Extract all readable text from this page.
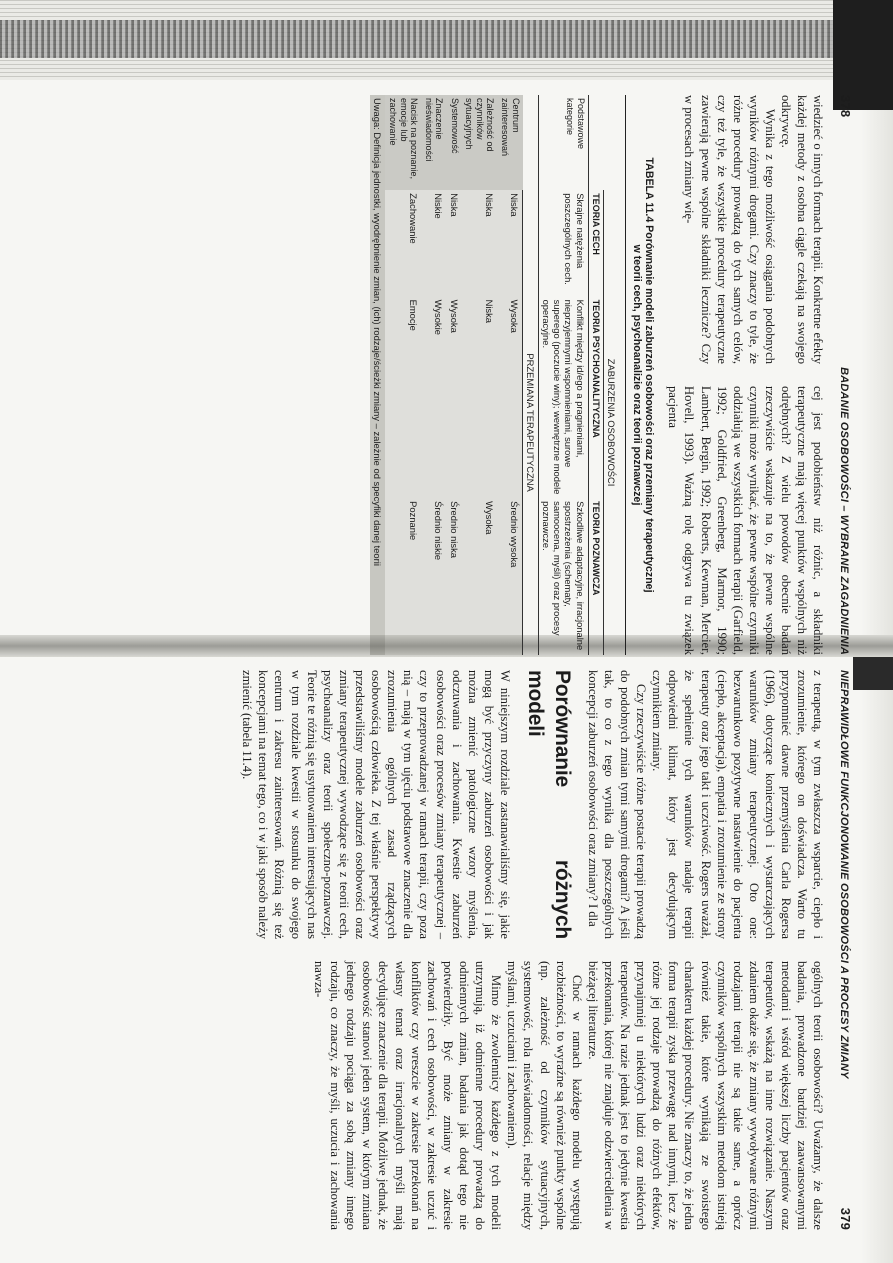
378
BADANIE OSOBOWOŚCI – WYBRANE ZAGADNIENIA

wiedzieć o innych formach terapii. Konkretne efekty każdej metody z osobna ciągle czekają na swojego odkrywcę.

Wynika z tego możliwość osiągania podobnych wyników różnymi drogami. Czy znaczy to tyle, że różne procedury prowadzą do tych samych celów, czy też tyle, że wszystkie procedury terapeutyczne zawierają pewne wspólne składniki lecznicze? Czy w procesach zmiany wię-

cej jest podobieństw niż różnic, a składniki terapeutyczne mają więcej punktów wspólnych niż odrębnych? Z wielu powodów obecnie badań rzeczywiście wskazuje na to, że pewne wspólne czynniki może wynikać, że pewne wspólne czynniki oddziałują we wszystkich formach terapii (Garfield, 1992; Goldfried, Greenberg, Marmor, 1990; Lambert, Bergin, 1992; Roberts, Kewman, Mercier, Hovell, 1993). Ważną rolę odgrywa tu związek pacjenta

TABELA 11.4 Porównanie modeli zaburzeń osobowości oraz przemiany terapeutycznej
w teorii cech, psychoanalizie oraz teorii poznawczej
	ZABURZENIA OSOBOWOŚCI		
	TEORIA CECH	TEORIA PSYCHOANALITYCZNA	TEORIA POZNAWCZA
Podstawowe kategorie	Skrajne natężenia poszczególnych cech.	Konflikt między id/ego a pragnieniami, nieprzyjemnymi wspomnieniami, surowe superego (poczucie winy); wewnętrzne modele operacyjne.	Szkodliwe adaptacyjne, irracjonalne spostrzeżenia (schematy, samoocena, myśli) oraz procesy poznawcze.
	PRZEMIANA TERAPEUTYCZNA		
Centrum zainteresowań	Niska	Wysoka	Średnio wysoka
Zależność od czynników sytuacyjnych	Niska	Niska	Wysoka
Systemowość	Niska	Wysoka	Średnio niska
Znaczenie nieświadomości	Niskie	Wysokie	Średnio niskie
Nacisk na poznanie, emocje lub zachowanie	Zachowanie	Emocje	Poznanie
Uwaga: Definicja jednostki, wyodrębnienie zmian, (ich) rodzaje/ścieżki zmiany – zależnie od specyfiki danej teorii			
NIEPRAWIDŁOWE FUNKCJONOWANIE OSOBOWOŚCI A PROCESY ZMIANY
379

z terapeutą, w tym zwłaszcza wsparcie, ciepło i zrozumienie, którego on doświadcza. Warto tu przypomnieć dawne przemyślenia Carla Rogersa (1966), dotyczące koniecznych i wystarczających warunków zmiany terapeutycznej. Oto one: bezwarunkowo pozytywne nastawienie do pacjenta (ciepło, akceptacja), empatia i zrozumienie ze strony terapeuty oraz jego takt i uczciwość. Rogers uważał, że spełnienie tych warunków nadaje terapii odpowiedni klimat, który jest decydującym czynnikiem zmiany.

Czy rzeczywiście różne postacie terapii prowadzą do podobnych zmian tymi samymi drogami? A jeśli tak, to co z tego wynika dla poszczególnych koncepcji zaburzeń osobowości oraz zmiany? I dla

Porównanie różnych modeli

W niniejszym rozdziale zastanawialiśmy się, jakie mogą być przyczyny zaburzeń osobowości i jak można zmienić patologiczne wzory myślenia, odczuwania i zachowania. Kwestie zaburzeń osobowości oraz procesów zmiany terapeutycznej – czy to przeprowadzanej w ramach terapii, czy poza nią – mają w tym ujęciu podstawowe znaczenie dla zrozumienia ogólnych zasad rządzących osobowością człowieka. Z tej właśnie perspektywy przedstawiliśmy modele zaburzeń osobowości oraz zmiany terapeutycznej wywodzące się z teorii cech, psychoanalizy oraz teorii społeczno-poznawczej. Teorie te różnią się usytuowaniem interesujących nas w tym rozdziale kwestii w stosunku do swojego centrum i zakresu zainteresowań. Różnią się też koncepcjami na temat tego, co i w jaki sposób należy zmienić (tabela 11.4).

ogólnych teorii osobowości? Uważamy, że dalsze badania, prowadzone bardziej zaawansowanymi metodami i wśród większej liczby pacjentów oraz terapeutów, wskażą na inne rozwiązanie. Naszym zdaniem okaże się, że zmiany wywoływane różnymi rodzajami terapii nie są takie same, a oprócz czynników wspólnych wszystkim metodom istnieją również takie, które wynikają ze swoistego charakteru każdej procedury. Nie znaczy to, że jedna forma terapii zyska przewagę nad innymi, lecz że różne jej rodzaje prowadzą do różnych efektów, przynajmniej u niektórych ludzi oraz niektórych terapeutów. Na razie jednak jest to jedynie kwestia przekonania, której nie znajduje odzwierciedlenia w bieżącej literaturze.

Choć w ramach każdego modelu występują rozbieżności, to wyraźne są również punkty wspólne (np. zależność od czynników sytuacyjnych, systemowość, rola nieświadomości, relacje między myślami, uczuciami i zachowaniem).

Mimo że zwolennicy każdego z tych modeli utrzymują, iż odmienne procedury prowadzą do odmiennych zmian, badania jak dotąd tego nie potwierdziły. Być może zmiany w zakresie zachowań i cech osobowości, w zakresie uczuć i konfliktów czy wreszcie w zakresie przekonań na własny temat oraz irracjonalnych myśli mają decydujące znaczenie dla terapii. Możliwe jednak, że osobowość stanowi jeden system, w którym zmiana jednego rodzaju pociąga za sobą zmiany innego rodzaju, co znaczy, że myśli, uczucia i zachowania nawza-
